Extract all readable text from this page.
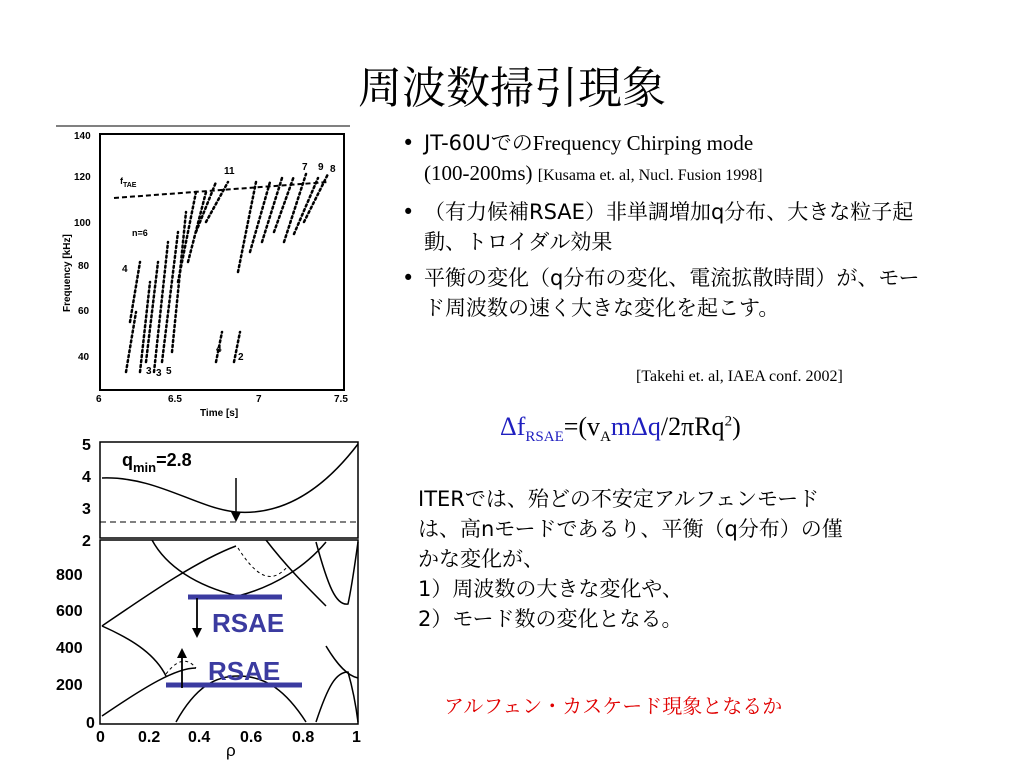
周波数掃引現象
Frequency [kHz]
140
120
100
80
60
40
6	6.5	7	7.5
Time [s]
$f_{TAE}$
n=6
7
11	9 8
4
3
4
2
3 5
• JT-60UでのFrequency Chirping mode
(100-200ms) [Kusama et. al, Nucl. Fusion 1998]
• （有力候補RSAE）非単調増加q分布、大きな粒子起動、トロイダル効果
• 平衡の変化（q分布の変化、電流拡散時間）が、モード周波数の速く大きな変化を起こす。
[Takehi et. al, IAEA conf. 2002]
$\Delta f_{RSAE}=(v_Am\Delta q/2\pi Rq^2)$
ITERでは、殆どの不安定アルフェンモード
は、高nモードであるり、平衡（q分布）の僅
かな変化が、
1）周波数の大きな変化や、
2）モード数の変化となる。
アルフェン・カスケード現象となるか
5
4
3
2
$q_{min}=2.8$
800
600
400
200
0
0 0.2 0.4 0.6 0.8 1
ρ
RSAE
RSAE
